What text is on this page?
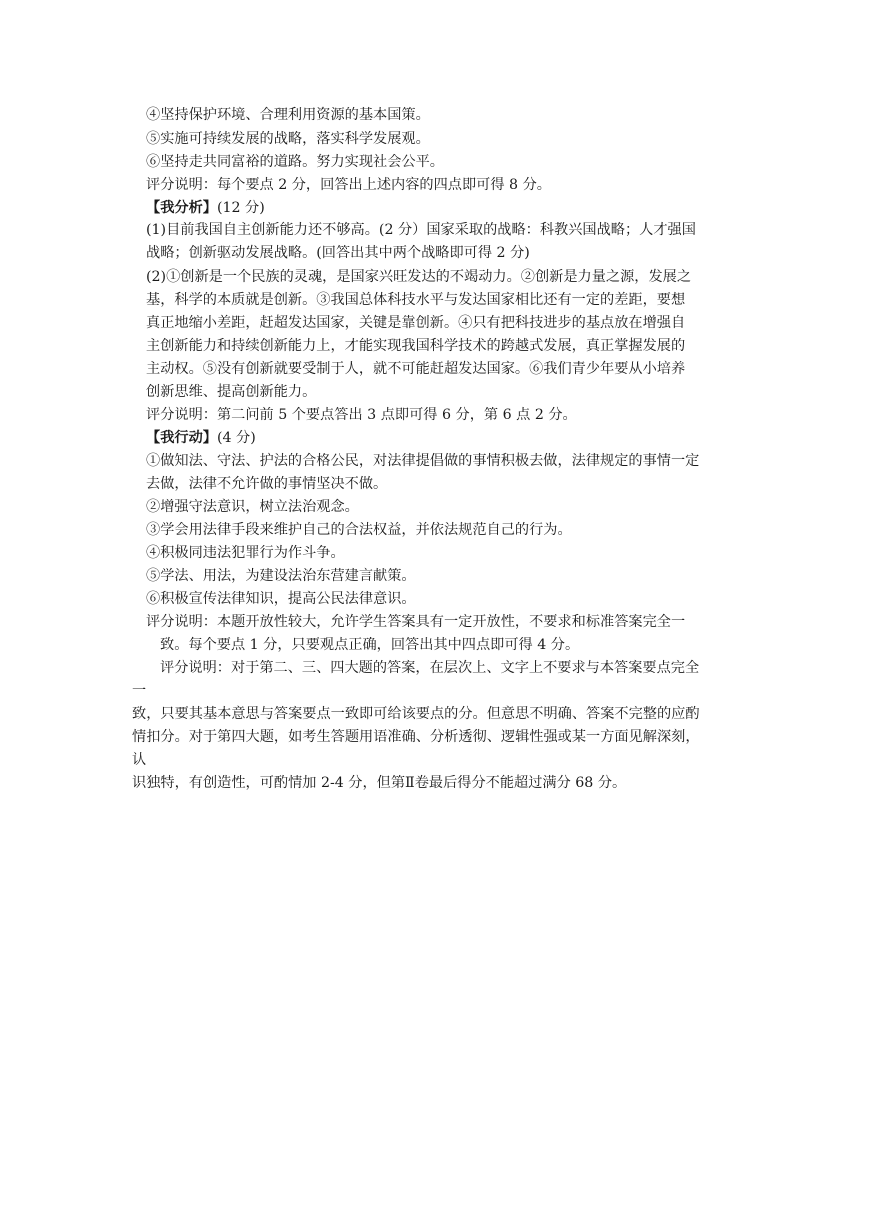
④坚持保护环境、合理利用资源的基本国策。
⑤实施可持续发展的战略，落实科学发展观。
⑥坚持走共同富裕的道路。努力实现社会公平。
评分说明：每个要点 2 分，回答出上述内容的四点即可得 8 分。
【我分析】(12 分)
(1)目前我国自主创新能力还不够高。(2 分）国家采取的战略：科教兴国战略；人才强国
战略；创新驱动发展战略。(回答出其中两个战略即可得 2 分)
(2)①创新是一个民族的灵魂，是国家兴旺发达的不竭动力。②创新是力量之源，发展之
基，科学的本质就是创新。③我国总体科技水平与发达国家相比还有一定的差距，要想
真正地缩小差距，赶超发达国家，关键是靠创新。④只有把科技进步的基点放在增强自
主创新能力和持续创新能力上，才能实现我国科学技术的跨越式发展，真正掌握发展的
主动权。⑤没有创新就要受制于人，就不可能赶超发达国家。⑥我们青少年要从小培养
创新思维、提高创新能力。
评分说明：第二问前 5 个要点答出 3 点即可得 6 分，第 6 点 2 分。
【我行动】(4 分)
①做知法、守法、护法的合格公民，对法律提倡做的事情积极去做，法律规定的事情一定
去做，法律不允许做的事情坚决不做。
②增强守法意识，树立法治观念。
③学会用法律手段来维护自己的合法权益，并依法规范自己的行为。
④积极同违法犯罪行为作斗争。
⑤学法、用法，为建设法治东营建言献策。
⑥积极宣传法律知识，提高公民法律意识。
评分说明：本题开放性较大，允许学生答案具有一定开放性，不要求和标准答案完全一
致。每个要点 1 分，只要观点正确，回答出其中四点即可得 4 分。
评分说明：对于第二、三、四大题的答案，在层次上、文字上不要求与本答案要点完全
一
致，只要其基本意思与答案要点一致即可给该要点的分。但意思不明确、答案不完整的应酌
情扣分。对于第四大题，如考生答题用语准确、分析透彻、逻辑性强或某一方面见解深刻，
认
识独特，有创造性，可酌情加 2-4 分，但第Ⅱ卷最后得分不能超过满分 68 分。
